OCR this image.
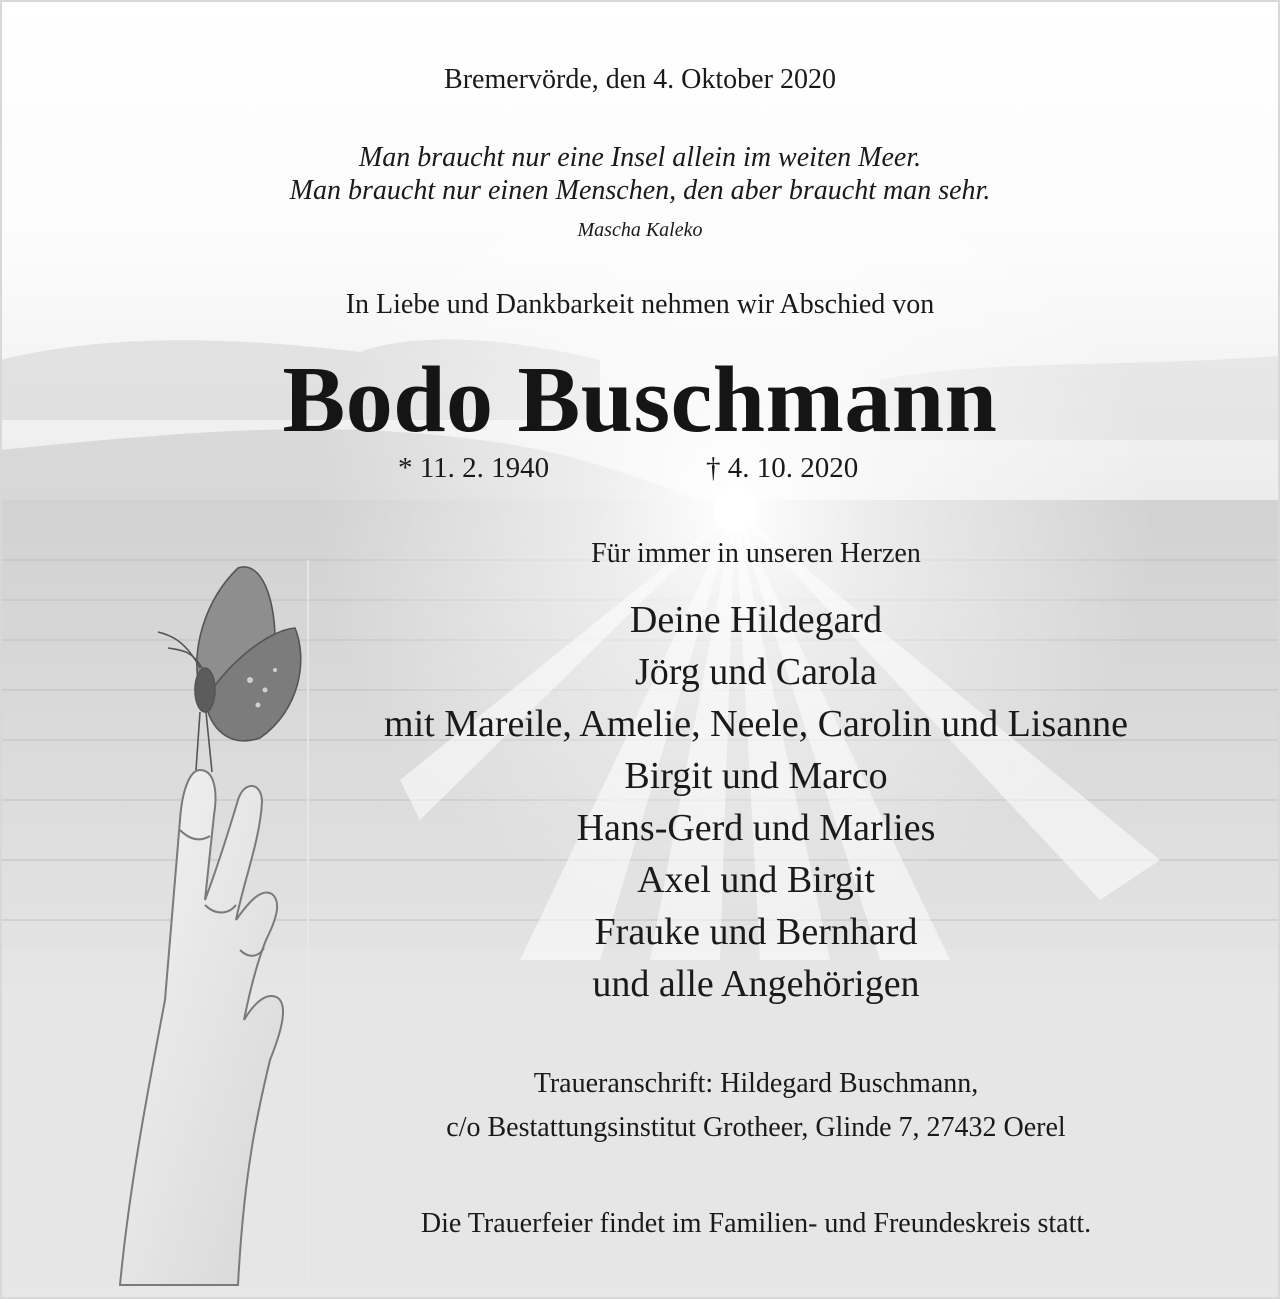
Bremervörde, den 4. Oktober 2020

Man braucht nur eine Insel allein im weiten Meer.

Man braucht nur einen Menschen, den aber braucht man sehr.

Mascha Kaleko

In Liebe und Dankbarkeit nehmen wir Abschied von

Bodo Buschmann

* 11. 2. 1940	† 4. 10. 2020

Für immer in unseren Herzen

Deine Hildegard
Jörg und Carola
mit Mareile, Amelie, Neele, Carolin und Lisanne
Birgit und Marco
Hans-Gerd und Marlies
Axel und Birgit
Frauke und Bernhard
und alle Angehörigen

Traueranschrift: Hildegard Buschmann,

c/o Bestattungsinstitut Grotheer, Glinde 7, 27432 Oerel

Die Trauerfeier findet im Familien- und Freundeskreis statt.
